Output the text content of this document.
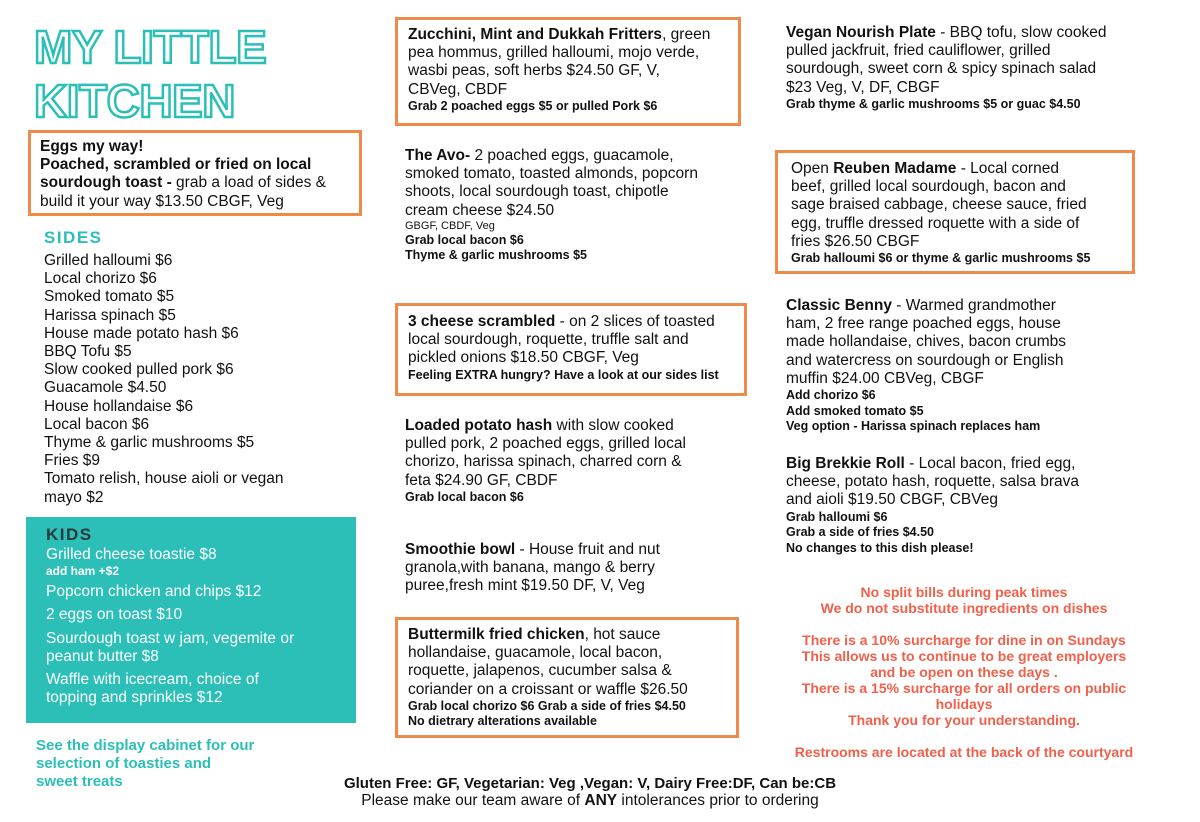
MY LITTLE
KITCHEN
Eggs my way!
Poached, scrambled or fried on local
sourdough toast - grab a load of sides &
build it your way $13.50 CBGF, Veg
SIDES
Grilled halloumi $6
Local chorizo $6
Smoked tomato $5
Harissa spinach $5
House made potato hash $6
BBQ Tofu $5
Slow cooked pulled pork $6
Guacamole $4.50
House hollandaise $6
Local bacon $6
Thyme & garlic mushrooms $5
Fries $9
Tomato relish, house aioli or vegan
mayo $2
KIDS
Grilled cheese toastie $8
add ham +$2
Popcorn chicken and chips $12
2 eggs on toast $10
Sourdough toast w jam, vegemite or
peanut butter $8
Waffle with icecream, choice of
topping and sprinkles $12
See the display cabinet for our
selection of toasties and
sweet treats
Zucchini, Mint and Dukkah Fritters, green
pea hommus, grilled halloumi, mojo verde,
wasbi peas, soft herbs $24.50 GF, V,
CBVeg, CBDF
Grab 2 poached eggs $5 or pulled Pork $6
The Avo- 2 poached eggs, guacamole,
smoked tomato, toasted almonds, popcorn
shoots, local sourdough toast, chipotle
cream cheese $24.50
GBGF, CBDF, Veg
Grab local bacon $6
Thyme & garlic mushrooms $5
3 cheese scrambled - on 2 slices of toasted
local sourdough, roquette, truffle salt and
pickled onions $18.50 CBGF, Veg
Feeling EXTRA hungry? Have a look at our sides list
Loaded potato hash with slow cooked
pulled pork, 2 poached eggs, grilled local
chorizo, harissa spinach, charred corn &
feta $24.90 GF, CBDF
Grab local bacon $6
Smoothie bowl - House fruit and nut
granola,with banana, mango & berry
puree,fresh mint $19.50 DF, V, Veg
Buttermilk fried chicken, hot sauce
hollandaise, guacamole, local bacon,
roquette, jalapenos, cucumber salsa &
coriander on a croissant or waffle $26.50
Grab local chorizo $6 Grab a side of fries $4.50
No dietrary alterations available
Vegan Nourish Plate - BBQ tofu, slow cooked
pulled jackfruit, fried cauliflower, grilled
sourdough, sweet corn & spicy spinach salad
$23 Veg, V, DF, CBGF
Grab thyme & garlic mushrooms $5 or guac $4.50
Open Reuben Madame - Local corned
beef, grilled local sourdough, bacon and
sage braised cabbage, cheese sauce, fried
egg, truffle dressed roquette with a side of
fries $26.50 CBGF
Grab halloumi $6 or thyme & garlic mushrooms $5
Classic Benny - Warmed grandmother
ham, 2 free range poached eggs, house
made hollandaise, chives, bacon crumbs
and watercress on sourdough or English
muffin $24.00 CBVeg, CBGF
Add chorizo $6
Add smoked tomato $5
Veg option - Harissa spinach replaces ham
Big Brekkie Roll - Local bacon, fried egg,
cheese, potato hash, roquette, salsa brava
and aioli $19.50 CBGF, CBVeg
Grab halloumi $6
Grab a side of fries $4.50
No changes to this dish please!
No split bills during peak times
We do not substitute ingredients on dishes
There is a 10% surcharge for dine in on Sundays
This allows us to continue to be great employers
and be open on these days .
There is a 15% surcharge for all orders on public
holidays
Thank you for your understanding.
Restrooms are located at the back of the courtyard
Gluten Free: GF, Vegetarian: Veg ,Vegan: V, Dairy Free:DF, Can be:CB
Please make our team aware of ANY intolerances prior to ordering
